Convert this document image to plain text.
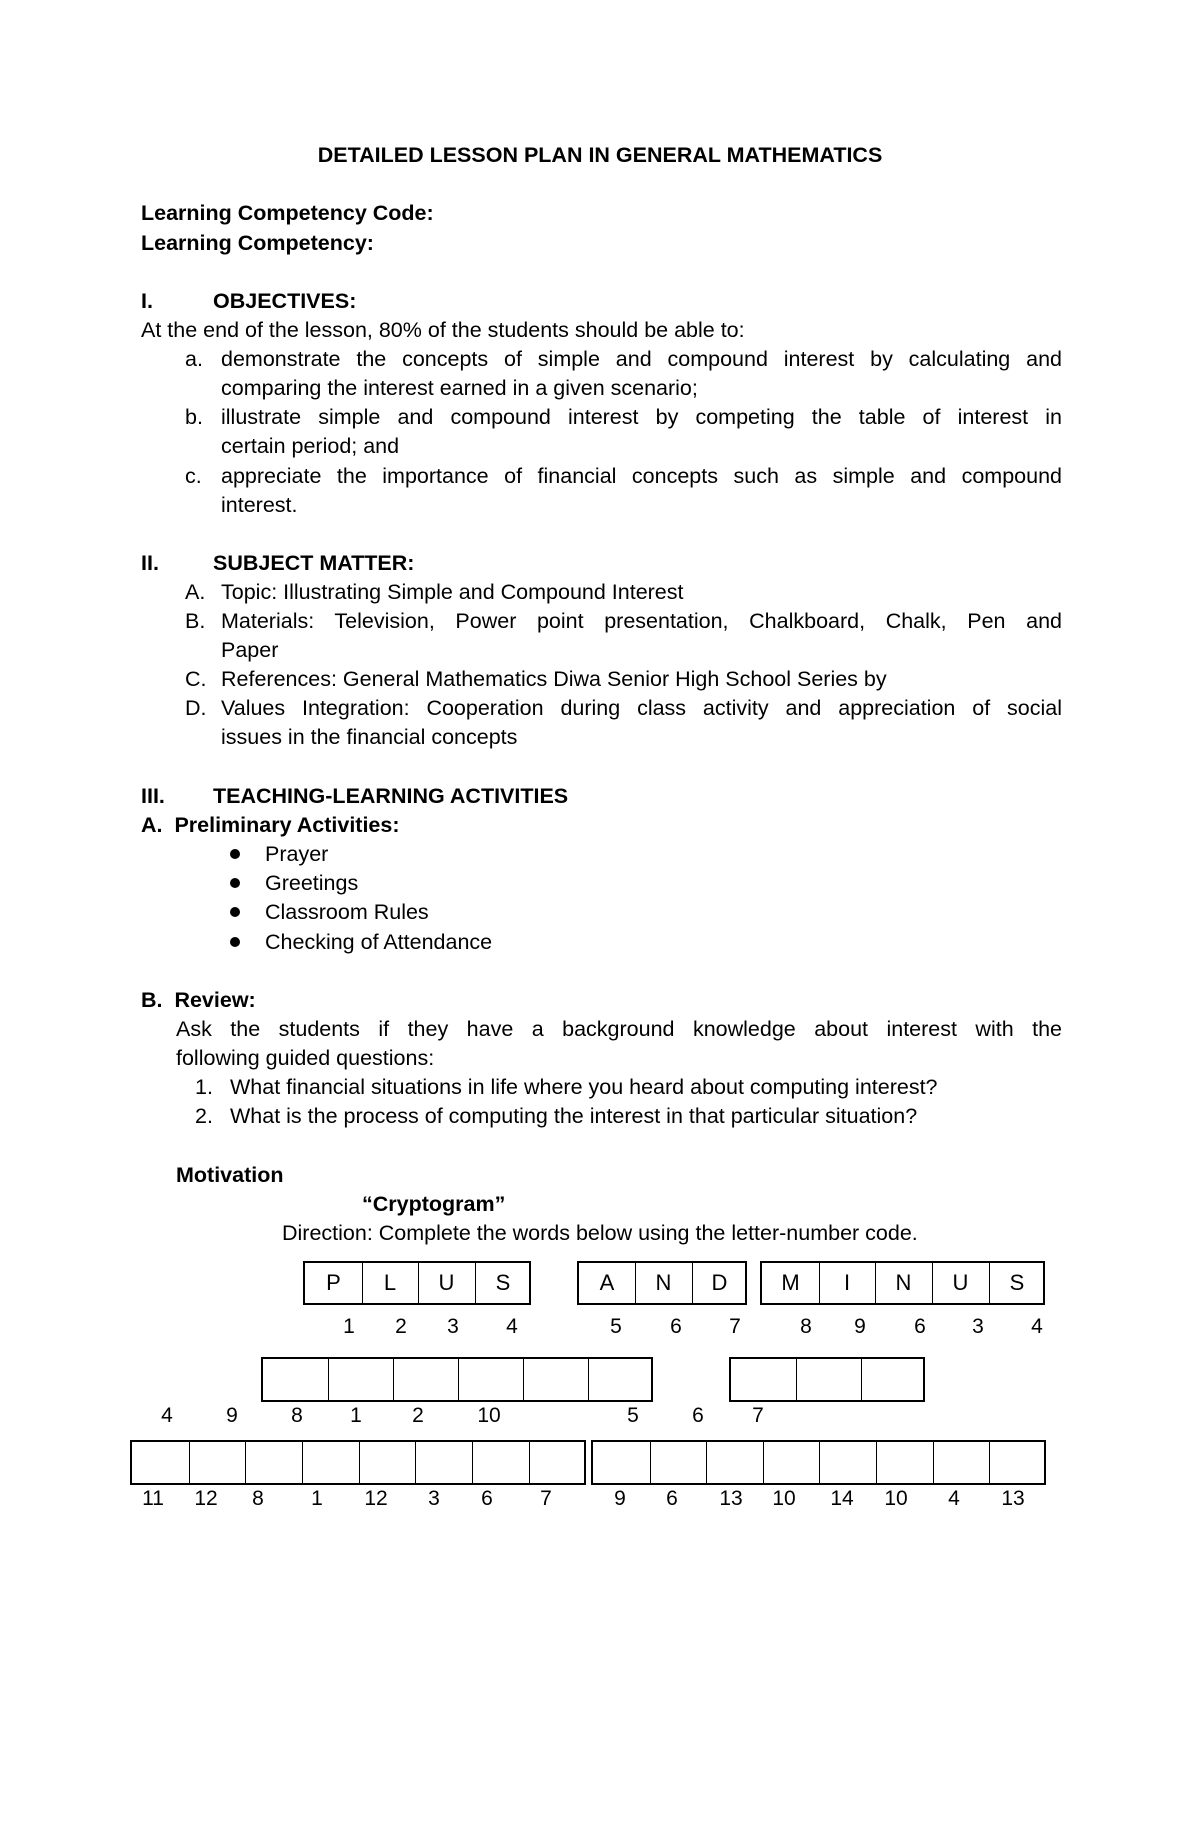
DETAILED LESSON PLAN IN GENERAL MATHEMATICS
Learning Competency Code:
Learning Competency:
I.	OBJECTIVES:
At the end of the lesson, 80% of the students should be able to:
a. demonstrate the concepts of simple and compound interest by calculating and
comparing the interest earned in a given scenario;
b. illustrate simple and compound interest by competing the table of interest in
certain period; and
c. appreciate the importance of financial concepts such as simple and compound
interest.
II.	SUBJECT MATTER:
A. Topic: Illustrating Simple and Compound Interest
B. Materials: Television, Power point presentation, Chalkboard, Chalk, Pen and
Paper
C. References: General Mathematics Diwa Senior High School Series by
D. Values Integration: Cooperation during class activity and appreciation of social
issues in the financial concepts
III. TEACHING-LEARNING ACTIVITIES
A.  Preliminary Activities:
Prayer
Greetings
Classroom Rules
Checking of Attendance
B.  Review:
Ask the students if they have a background knowledge about interest with the
following guided questions:
1. What financial situations in life where you heard about computing interest?
2. What is the process of computing the interest in that particular situation?
Motivation
“Cryptogram”
Direction: Complete the words below using the letter-number code.
P	L	U	S	A	N	D	M	I	N	U	S
1 2 3 4	5 6 7	8 9 6 3 4
4	9	8 1 2	10	5	6 7
11 12 8 1 12 3 6 7	9 6 13 10 14 10 4 13
